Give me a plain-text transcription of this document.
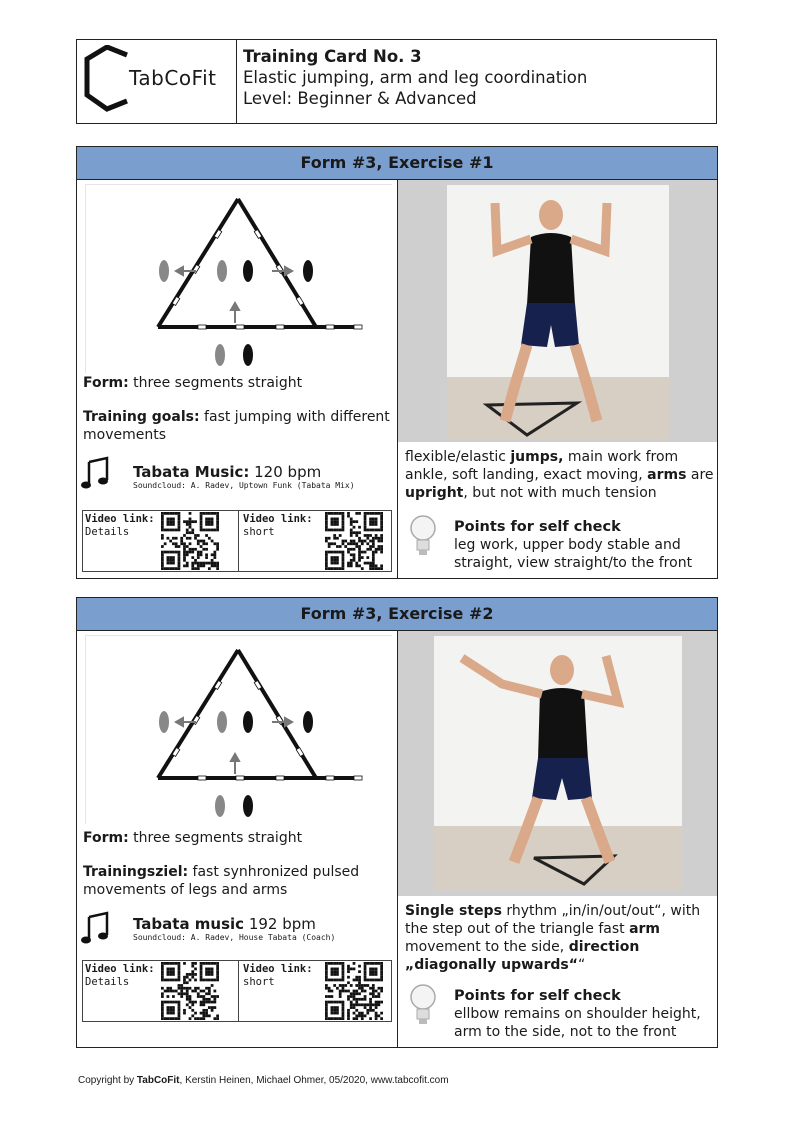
TabCoFit
Training Card No. 3
Elastic jumping, arm and leg coordination
Level: Beginner & Advanced
Form #3, Exercise #1
Form: three segments straight
Training goals: fast jumping with different movements
Tabata Music: 120 bpm
Soundcloud: A. Radev, Uptown Funk (Tabata Mix)
Video link:
Details
Video link:
short
flexible/elastic jumps, main work from ankle, soft landing, exact moving, arms are upright, but not with much tension
Points for self check
leg work, upper body stable and straight, view straight/to the front
Form #3, Exercise #2
Form: three segments straight
Trainingsziel: fast synhronized pulsed movements of legs and arms
Tabata music 192 bpm
Soundcloud: A. Radev, House Tabata (Coach)
Video link:
Details
Video link:
short
Single steps rhythm „in/in/out/out“, with the step out of the triangle fast arm movement to the side, direction „diagonally upwards““
Points for self check
ellbow remains on shoulder height, arm to the side, not to the front
Copyright by TabCoFit, Kerstin Heinen, Michael Ohmer, 05/2020, www.tabcofit.com
